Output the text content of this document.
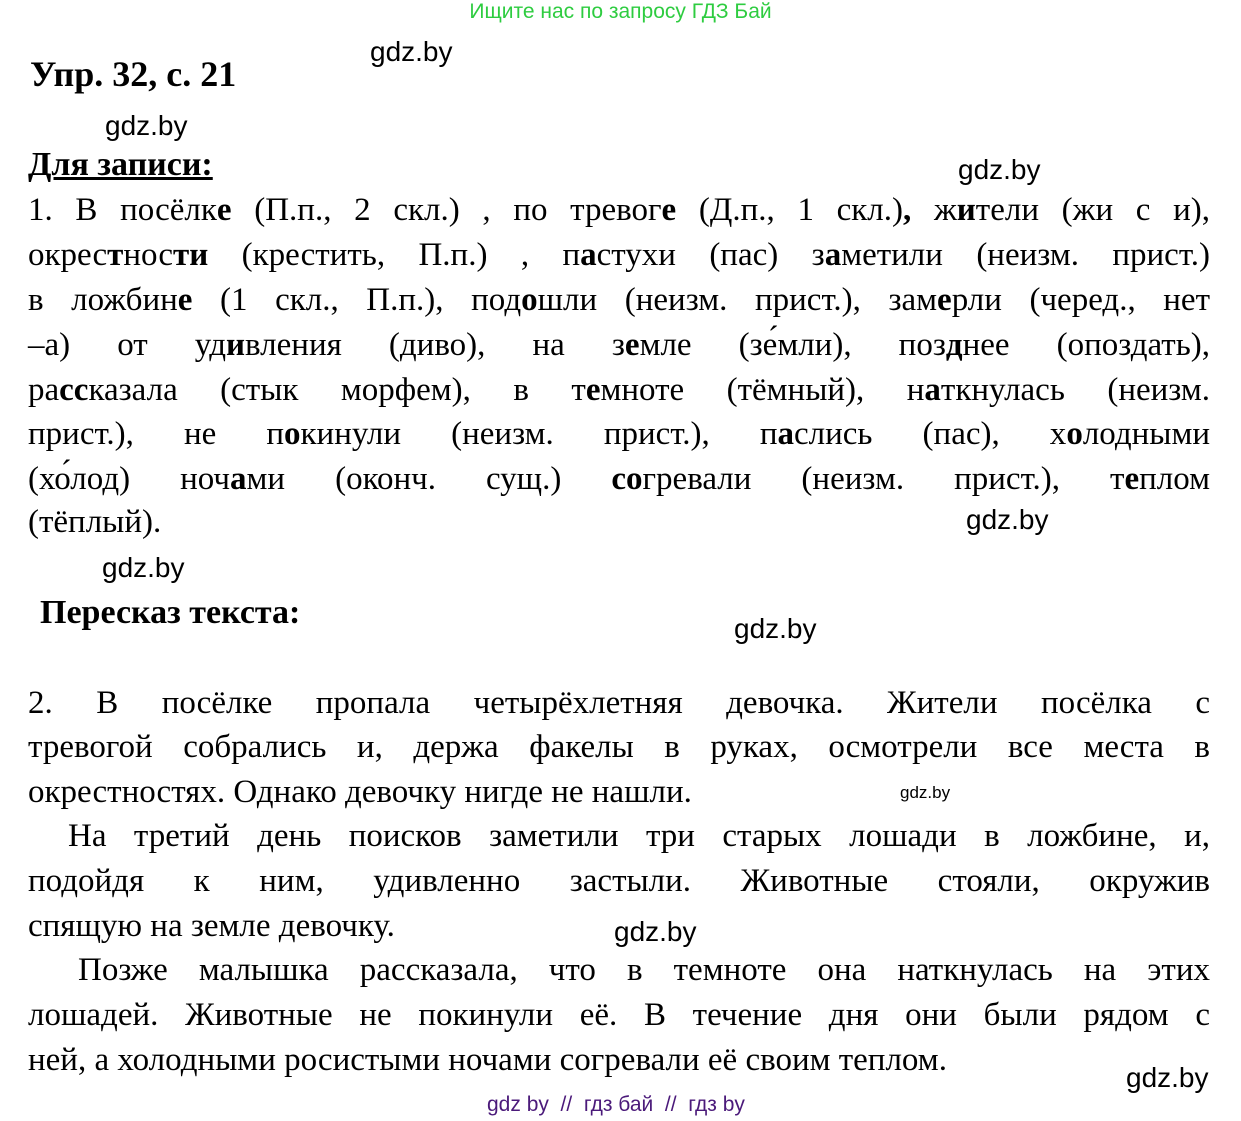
Ищите нас по запросу ГДЗ Бай
Упр. 32, с. 21
gdz.by
gdz.by
gdz.by
gdz.by
gdz.by
gdz.by
gdz.by
gdz.by
gdz.by
Для записи:
1. В посёлке (П.п., 2 скл.) , по тревоге (Д.п., 1 скл.), жители (жи с и),
окрестности (крестить, П.п.) , пастухи (пас) заметили (неизм. прист.)
в ложбине (1 скл., П.п.), подошли (неизм. прист.), замерли (черед., нет
–а) от удивления (диво), на земле (зе́мли), позднее (опоздать),
рассказала (стык морфем), в темноте (тёмный), наткнулась (неизм.
прист.), не покинули (неизм. прист.), паслись (пас), холодными
(хо́лод) ночами (оконч. сущ.) согревали (неизм. прист.), теплом
(тёплый).
Пересказ текста:
2. В посёлке пропала четырёхлетняя девочка. Жители посёлка с
тревогой собрались и, держа факелы в руках, осмотрели все места в
окрестностях. Однако девочку нигде не нашли.
На третий день поисков заметили три старых лошади в ложбине, и,
подойдя к ним, удивленно застыли. Животные стояли, окружив
спящую на земле девочку.
Позже малышка рассказала, что в темноте она наткнулась на этих
лошадей. Животные не покинули её. В течение дня они были рядом с
ней, а холодными росистыми ночами согревали её своим теплом.
gdz by  //  гдз бай  //  гдз by
